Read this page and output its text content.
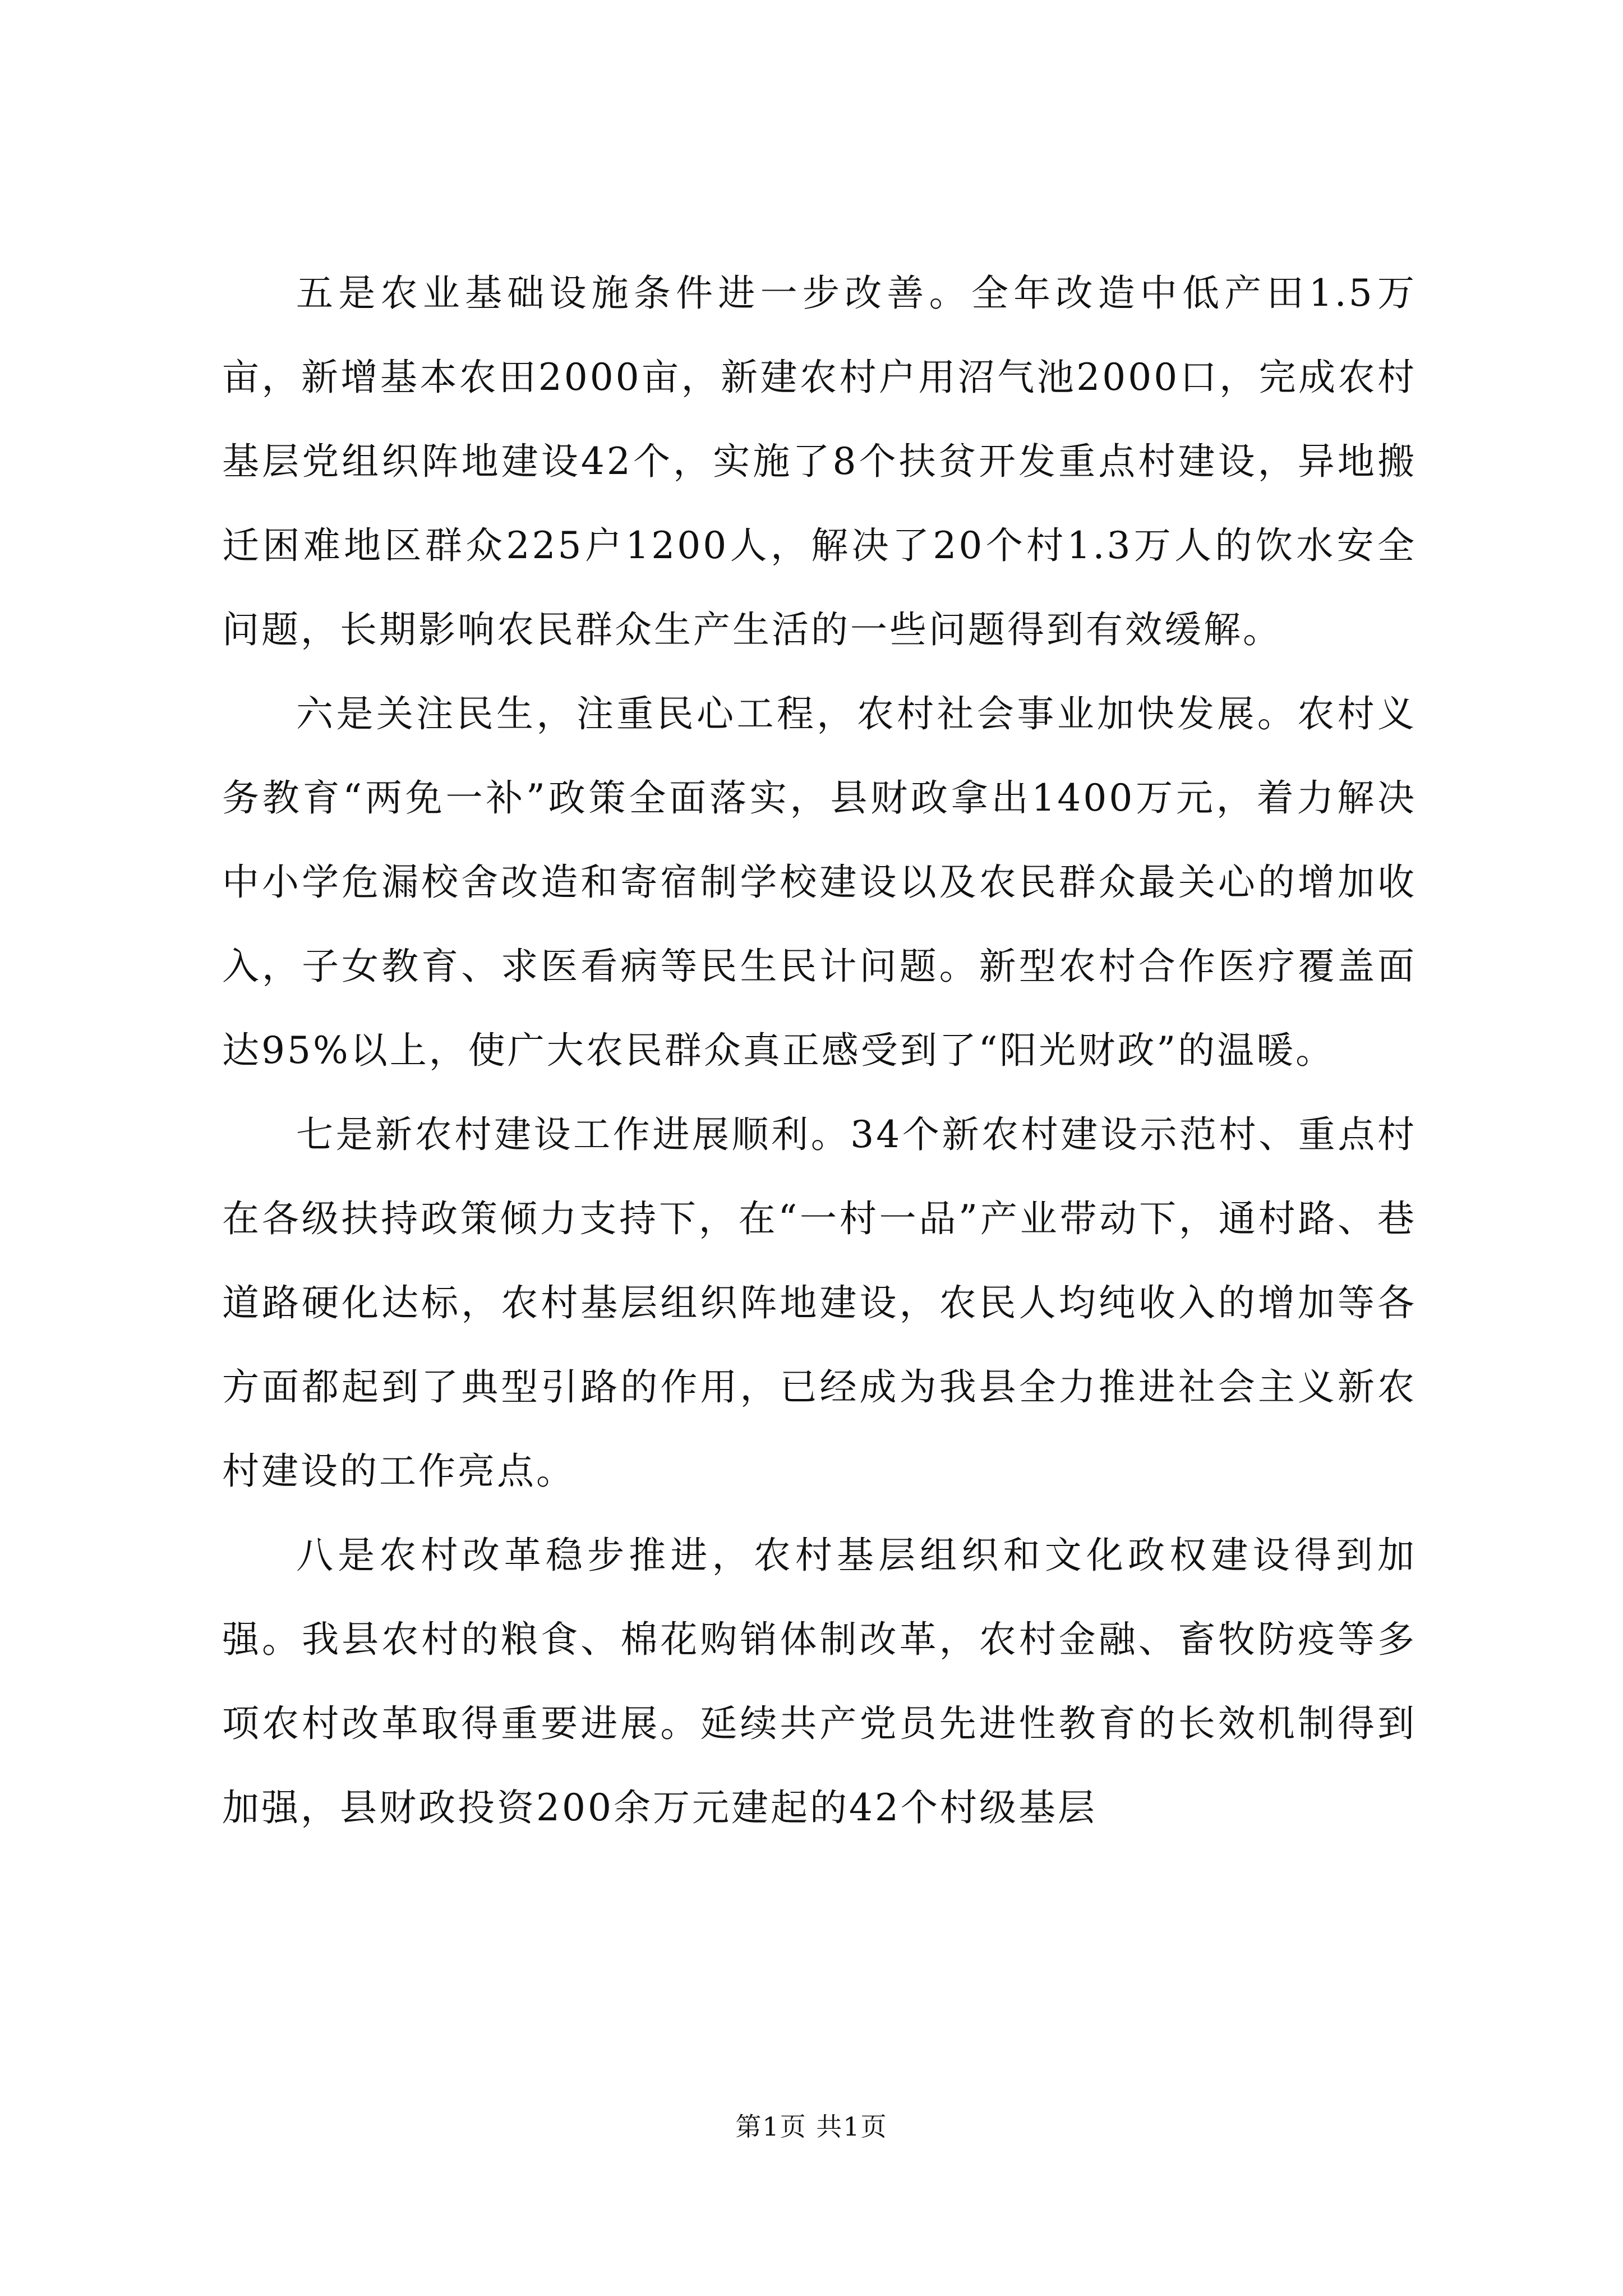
五是农业基础设施条件进一步改善。全年改造中低产田1.5万亩，新增基本农田2000亩，新建农村户用沼气池2000口，完成农村基层党组织阵地建设42个，实施了8个扶贫开发重点村建设，异地搬迁困难地区群众225户1200人，解决了20个村1.3万人的饮水安全问题，长期影响农民群众生产生活的一些问题得到有效缓解。

六是关注民生，注重民心工程，农村社会事业加快发展。农村义务教育“两免一补”政策全面落实，县财政拿出1400万元，着力解决中小学危漏校舍改造和寄宿制学校建设以及农民群众最关心的增加收入，子女教育、求医看病等民生民计问题。新型农村合作医疗覆盖面达95%以上，使广大农民群众真正感受到了“阳光财政”的温暖。

七是新农村建设工作进展顺利。34个新农村建设示范村、重点村在各级扶持政策倾力支持下，在“一村一品”产业带动下，通村路、巷道路硬化达标，农村基层组织阵地建设，农民人均纯收入的增加等各方面都起到了典型引路的作用，已经成为我县全力推进社会主义新农村建设的工作亮点。

八是农村改革稳步推进，农村基层组织和文化政权建设得到加强。我县农村的粮食、棉花购销体制改革，农村金融、畜牧防疫等多项农村改革取得重要进展。延续共产党员先进性教育的长效机制得到加强，县财政投资200余万元建起的42个村级基层

第1页 共1页
